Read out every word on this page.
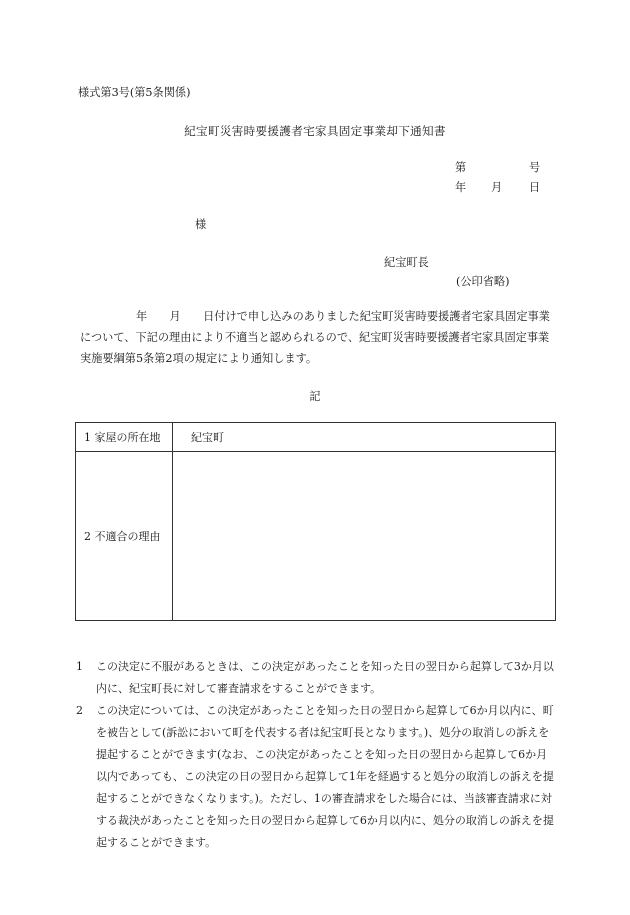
様式第3号(第5条関係)
紀宝町災害時要援護者宅家具固定事業却下通知書
第	号
年 月 日
様
紀宝町長
(公印省略)
　　　　　年　　月　　日付けで申し込みのありました紀宝町災害時要援護者宅家具固定事業について、下記の理由により不適当と認められるので、紀宝町災害時要援護者宅家具固定事業実施要綱第5条第2項の規定により通知します。
記
1 家屋の所在地	紀宝町
2 不適合の理由	

1 この決定に不服があるときは、この決定があったことを知った日の翌日から起算して3か月以内に、紀宝町長に対して審査請求をすることができます。

2 この決定については、この決定があったことを知った日の翌日から起算して6か月以内に、町を被告として(訴訟において町を代表する者は紀宝町長となります。)、処分の取消しの訴えを提起することができます(なお、この決定があったことを知った日の翌日から起算して6か月以内であっても、この決定の日の翌日から起算して1年を経過すると処分の取消しの訴えを提起することができなくなります。)。ただし、1の審査請求をした場合には、当該審査請求に対する裁決があったことを知った日の翌日から起算して6か月以内に、処分の取消しの訴えを提起することができます。
